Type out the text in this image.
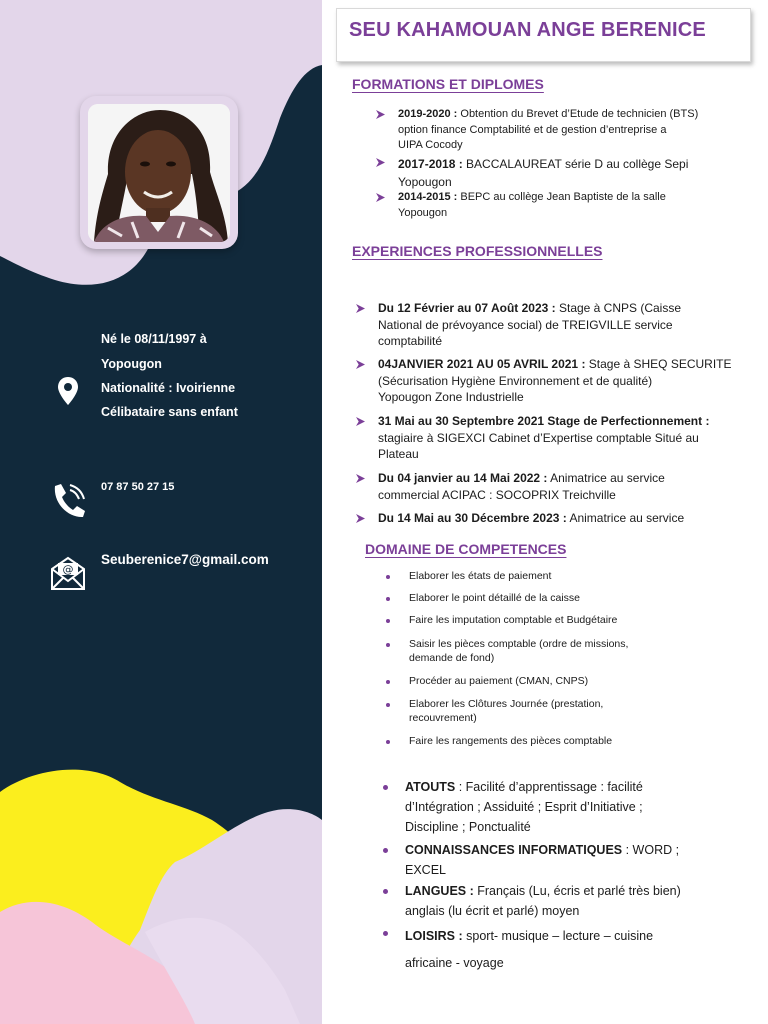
Né le 08/11/1997 à
Yopougon
Nationalité : Ivoirienne
Célibataire sans enfant
07 87 50 27 15
Seuberenice7@gmail.com
@
SEU KAHAMOUAN ANGE BERENICE
FORMATIONS ET DIPLOMES
2019-2020 : Obtention du Brevet d’Etude de technicien (BTS)
option finance Comptabilité et de gestion d’entreprise a
UIPA Cocody
2017-2018 : BACCALAUREAT série D au collège Sepi
Yopougon
2014-2015 : BEPC au collège Jean Baptiste de la salle
Yopougon
EXPERIENCES PROFESSIONNELLES
Du 12 Février au 07 Août 2023 : Stage à CNPS (Caisse
National de prévoyance social) de TREIGVILLE service
comptabilité
04JANVIER 2021 AU 05 AVRIL 2021 : Stage à SHEQ SECURITE
(Sécurisation Hygiène Environnement et de qualité)
Yopougon Zone Industrielle
31 Mai au 30 Septembre 2021 Stage de Perfectionnement :
stagiaire à SIGEXCI Cabinet d’Expertise comptable Situé au
Plateau
Du 04 janvier au 14 Mai 2022 : Animatrice au service
commercial ACIPAC : SOCOPRIX Treichville
Du 14 Mai au 30 Décembre 2023 : Animatrice au service
DOMAINE DE COMPETENCES
Elaborer les états de paiement
Elaborer le point détaillé de la caisse
Faire les imputation comptable et Budgétaire
Saisir les pièces comptable (ordre de missions,
demande de fond)
Procéder au paiement (CMAN, CNPS)
Elaborer les Clôtures Journée (prestation,
recouvrement)
Faire les rangements des pièces comptable
ATOUTS : Facilité d’apprentissage : facilité
d’Intégration ; Assiduité ; Esprit d’Initiative ;
Discipline ; Ponctualité
CONNAISSANCES INFORMATIQUES : WORD ;
EXCEL
LANGUES : Français (Lu, écris et parlé très bien)
anglais (lu écrit et parlé) moyen
LOISIRS : sport- musique – lecture – cuisine
africaine - voyage
